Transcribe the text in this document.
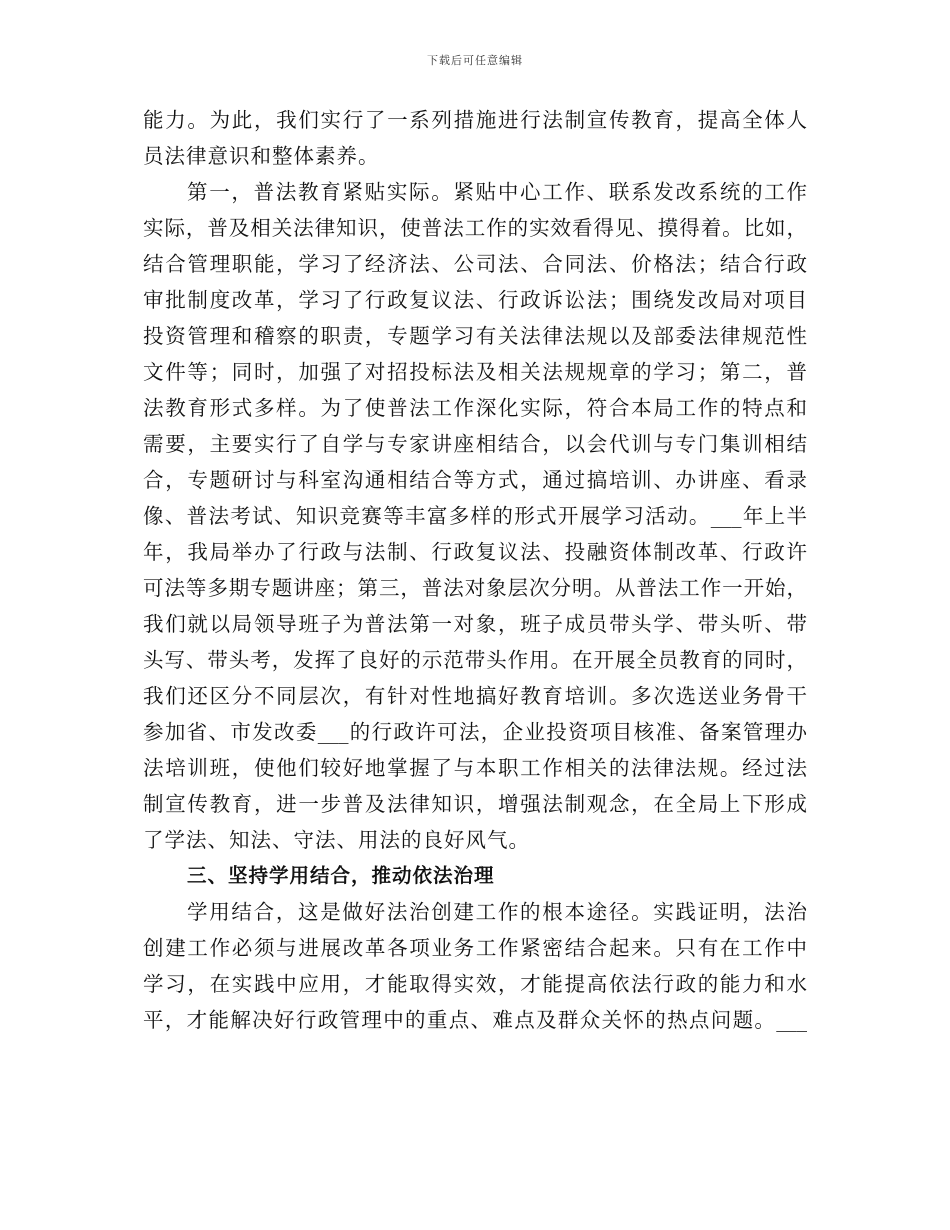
下载后可任意编辑
能力。为此，我们实行了一系列措施进行法制宣传教育，提高全体人
员法律意识和整体素养。
第一，普法教育紧贴实际。紧贴中心工作、联系发改系统的工作
实际，普及相关法律知识，使普法工作的实效看得见、摸得着。比如，
结合管理职能，学习了经济法、公司法、合同法、价格法；结合行政
审批制度改革，学习了行政复议法、行政诉讼法；围绕发改局对项目
投资管理和稽察的职责，专题学习有关法律法规以及部委法律规范性
文件等；同时，加强了对招投标法及相关法规规章的学习；第二，普
法教育形式多样。为了使普法工作深化实际，符合本局工作的特点和
需要，主要实行了自学与专家讲座相结合，以会代训与专门集训相结
合，专题研讨与科室沟通相结合等方式，通过搞培训、办讲座、看录
像、普法考试、知识竞赛等丰富多样的形式开展学习活动。___年上半
年，我局举办了行政与法制、行政复议法、投融资体制改革、行政许
可法等多期专题讲座；第三，普法对象层次分明。从普法工作一开始，
我们就以局领导班子为普法第一对象，班子成员带头学、带头听、带
头写、带头考，发挥了良好的示范带头作用。在开展全员教育的同时，
我们还区分不同层次，有针对性地搞好教育培训。多次选送业务骨干
参加省、市发改委___的行政许可法，企业投资项目核准、备案管理办
法培训班，使他们较好地掌握了与本职工作相关的法律法规。经过法
制宣传教育，进一步普及法律知识，增强法制观念，在全局上下形成
了学法、知法、守法、用法的良好风气。
三、坚持学用结合，推动依法治理
学用结合，这是做好法治创建工作的根本途径。实践证明，法治
创建工作必须与进展改革各项业务工作紧密结合起来。只有在工作中
学习，在实践中应用，才能取得实效，才能提高依法行政的能力和水
平，才能解决好行政管理中的重点、难点及群众关怀的热点问题。___
